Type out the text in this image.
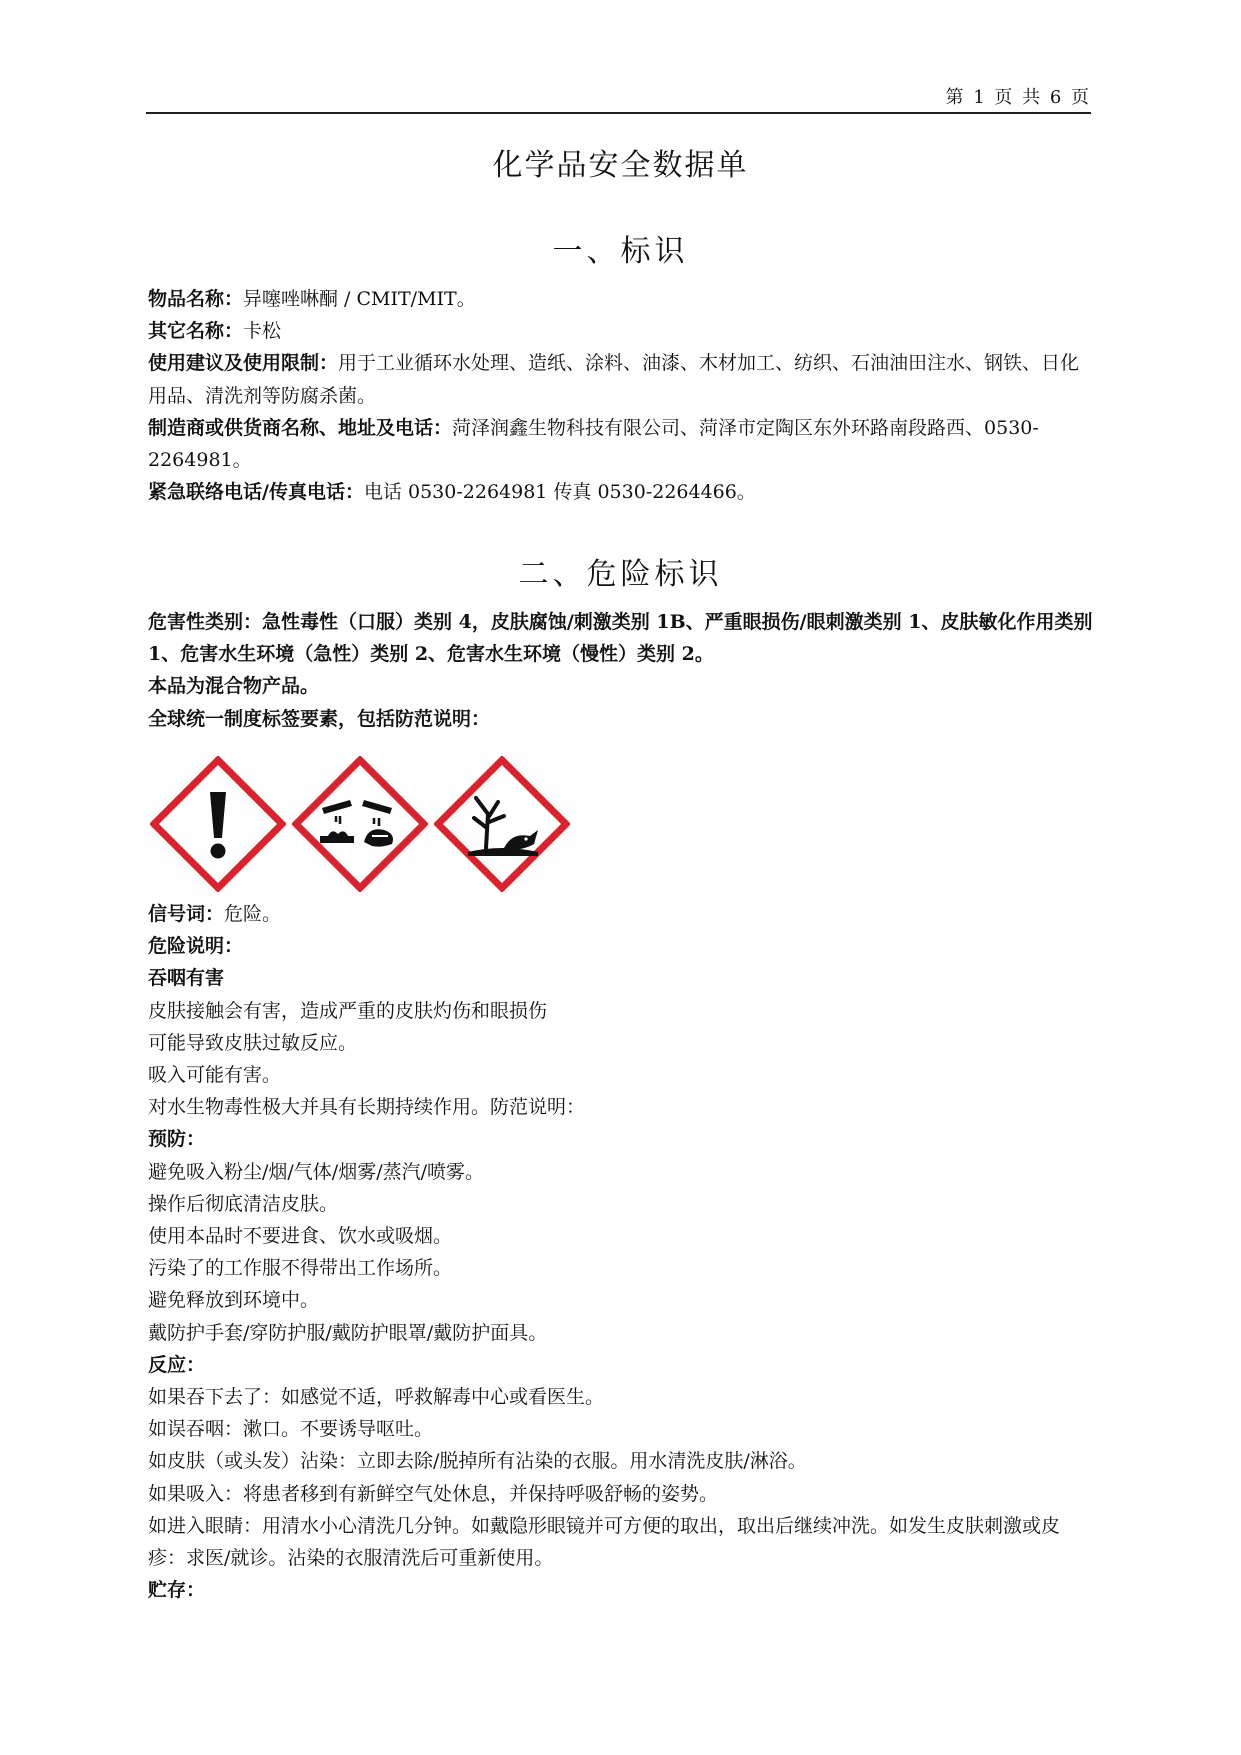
第 1 页 共 6 页
化学品安全数据单
一、标识

物品名称：异噻唑啉酮 / CMIT/MIT。

其它名称：卡松

使用建议及使用限制：用于工业循环水处理、造纸、涂料、油漆、木材加工、纺织、石油油田注水、钢铁、日化用品、清洗剂等防腐杀菌。

制造商或供货商名称、地址及电话：菏泽润鑫生物科技有限公司、菏泽市定陶区东外环路南段路西、0530-2264981。

紧急联络电话/传真电话：电话 0530-2264981 传真 0530-2264466。

二、危险标识

危害性类别：急性毒性（口服）类别 4，皮肤腐蚀/刺激类别 1B、严重眼损伤/眼刺激类别 1、皮肤敏化作用类别 1、危害水生环境（急性）类别 2、危害水生环境（慢性）类别 2。

本品为混合物产品。

全球统一制度标签要素，包括防范说明：

信号词：危险。

危险说明：

吞咽有害

皮肤接触会有害，造成严重的皮肤灼伤和眼损伤

可能导致皮肤过敏反应。

吸入可能有害。

对水生物毒性极大并具有长期持续作用。防范说明：

预防：

避免吸入粉尘/烟/气体/烟雾/蒸汽/喷雾。

操作后彻底清洁皮肤。

使用本品时不要进食、饮水或吸烟。

污染了的工作服不得带出工作场所。

避免释放到环境中。

戴防护手套/穿防护服/戴防护眼罩/戴防护面具。

反应：

如果吞下去了：如感觉不适，呼救解毒中心或看医生。

如误吞咽：漱口。不要诱导呕吐。

如皮肤（或头发）沾染：立即去除/脱掉所有沾染的衣服。用水清洗皮肤/淋浴。

如果吸入：将患者移到有新鲜空气处休息，并保持呼吸舒畅的姿势。

如进入眼睛：用清水小心清洗几分钟。如戴隐形眼镜并可方便的取出，取出后继续冲洗。如发生皮肤刺激或皮疹：求医/就诊。沾染的衣服清洗后可重新使用。

贮存：
